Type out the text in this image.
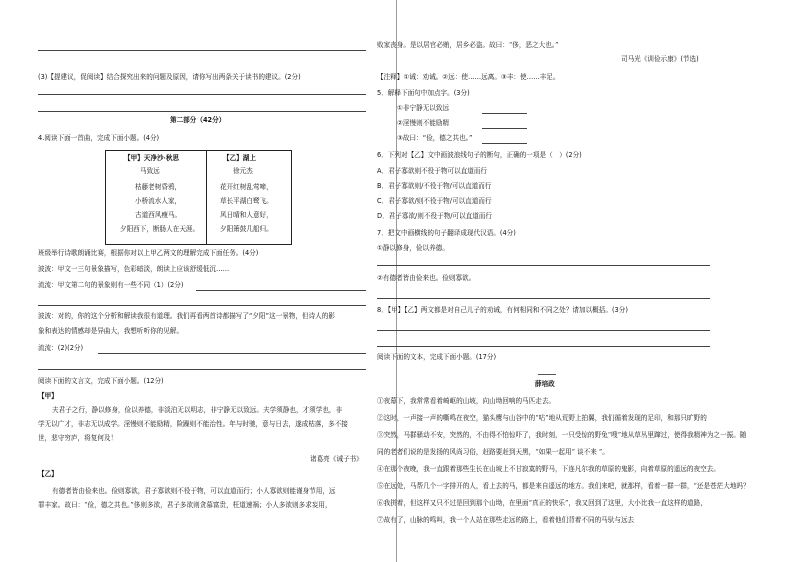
(3)【提建议，促阅读】结合探究出来的问题及原因，请你写出两条关于读书的建议。(2分)
第二部分（42分）
4.阅读下面一首曲，完成下面小题。(4分)
【甲】天净沙·秋思
马致远
枯藤老树昏鸦，
小桥流水人家，
古道西风瘦马。
夕阳西下，断肠人在天涯。
【乙】湖上
徐元杰
花开红树乱莺啼，
草长平湖白鹭飞。
风日晴和人意好，
夕阳箫鼓几船归。
班级举行诗歌朗诵比赛，根据你对以上甲乙两文的理解完成下面任务。(4分)
波波：甲文一三句景象描写，色彩暗淡，朗读上应该舒缓低沉……
流流：甲文第二句的景象则有一些不同（1）(2分)
波波：对的，你的这个分析和解读我很有道理。我们再看两首诗都描写了“夕阳”这一景物，但诗人的影
象和表达的情感却是异曲大，我想听听你的见解。
流流：(2)(2分)
阅读下面的文言文，完成下面小题。(12分)
【甲】
夫君子之行，静以修身，俭以养德，非淡泊无以明志，非宁静无以致远。夫学须静也，才须学也，非
学无以广才，非志无以成学。淫慢则不能励精，险躁则不能治性。年与时驰，意与日去，遂成枯落，多不接
世，悲守穷庐，将复何及！
诸葛亮《诫子书》
【乙】
有德者皆由俭来也。俭则寡欲，君子寡欲则不役于物，可以直道而行；小人寡欲则能谨身节用，远
罪丰家。故曰：“俭，德之共也。”侈则多欲，君子多欲则贪慕富贵，枉道速祸；小人多欲则多求妄用，
败家丧身。是以居官必贿，居乡必盗。故曰：“侈，恶之大也。”
司马光《训俭示康》(节选)
【注释】①诫：劝诫。②远：使……远离。③丰：使……丰足。
5．解释下面句中加点字。(3分)
①非宁静无以致远
②淫慢则不能励精
③故曰：“俭，德之共也。”
6．下列对【乙】文中画波浪线句子的断句，正确的一项是（　）(2分)
A．君子寡欲则不役于物可以直道而行
B．君子寡欲则/不役于物/可以直道而行
C．君子寡欲/则不役于物/可以直道而行
D．君子寡欲/则不役于物/可以直道而行
7．把文中画横线的句子翻译成现代汉语。(4分)
①静以修身，俭以养德。
②有德者皆由俭来也。俭则寡欲。
8．【甲】【乙】两文都是对自己儿子的劝诫，有何相同和不同之处？请加以概括。(3分)
阅读下面的文本，完成下面小题。(17分)
薛培政
①夜幕下，我常常看着崎岖的山坡，向山坳回响的马匹走去。
②这时，一声接一声的嘶鸣在夜空，猫头鹰与山谷中的“咕”地从荒野上拍翼，我们循着发现的足印，和那只旷野的
③突然，马群骚动不安，突然的，不由得不怕惊吓了，我时刻，一只受惊的野兔“嗖”地从草丛里蹿过，使得我精神为之一振。随
同的老者们说的是发扬的风尚习俗，赶路要赶到天黑，“如果一起用“ 谈不来 ”。
④在那个夜晚，我一直跟着那些生长在山坡上不甘寂寞的野马，下连凡尔我的草原的鬼影，向着草原的遥远的夜空去。
⑤在远处，马帮几个一字排开的人，看上去的马，都是来自遥远的地方。我们来吧，就那样，看着一群一群，“还是苍茫大地吗？
⑥我拼着，但这样又只不过是回到那个山坳，在里面“真正的快乐”，我又回到了这里，大小比我一直这样的道路，
⑦故有了，山脉的鸣叫，我一个人站在那些走远的路上，看着他们背着不同的马驮与远去
